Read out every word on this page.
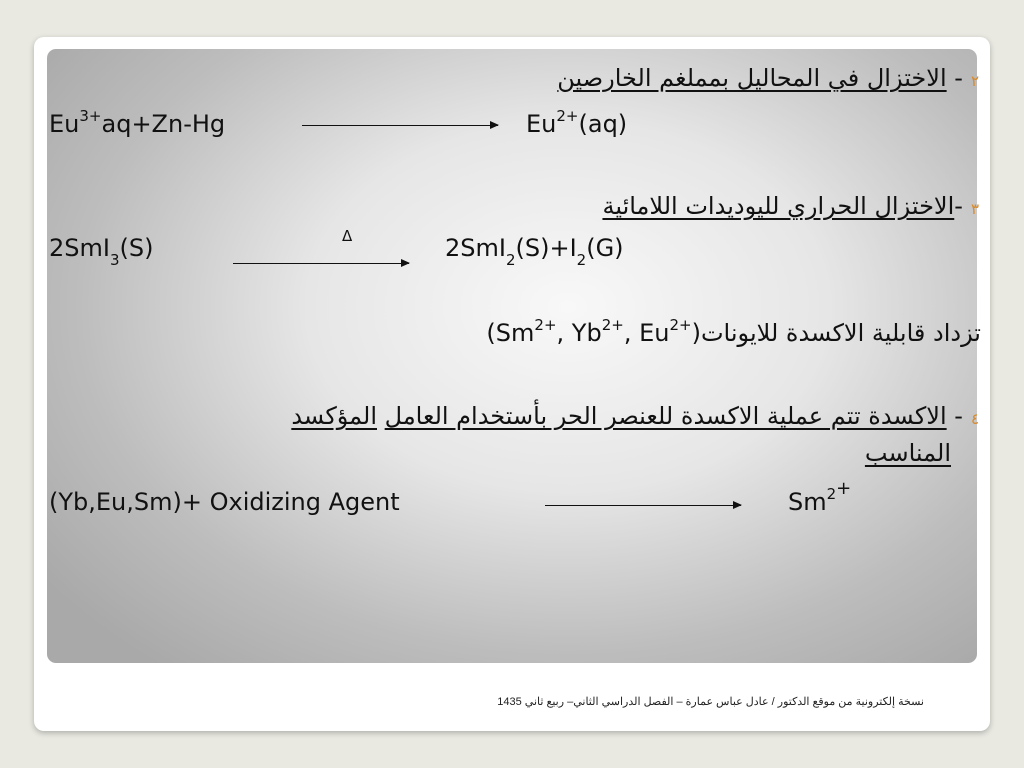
٢- الاختزال في المحاليل بمملغم الخارصين
$Eu^{3+}aq+Zn-Hg$	$Eu^{2+}(aq)$
٣-الاختزال الحراري لليوديدات اللامائية
2SmI$_3$(S)	Δ	$2SmI_2(S)+I_2(G)$
تزداد قابلية الاكسدة $للايونات((Sm^{2+}$, $Yb^{2+}$, $Eu^{2+}$
٤- الاكسدة تتم عملية الاكسدة للعنصر الحر بأستخدام العامل المؤكسد
المناسب
(Yb,Eu,Sm)+ Oxidizing Agent	$Sm^{2+}$
نسخة إلكترونية من موقع الدكتور / عادل عباس عمارة – الفصل الدراسي الثاني– ربيع ثاني 1435
